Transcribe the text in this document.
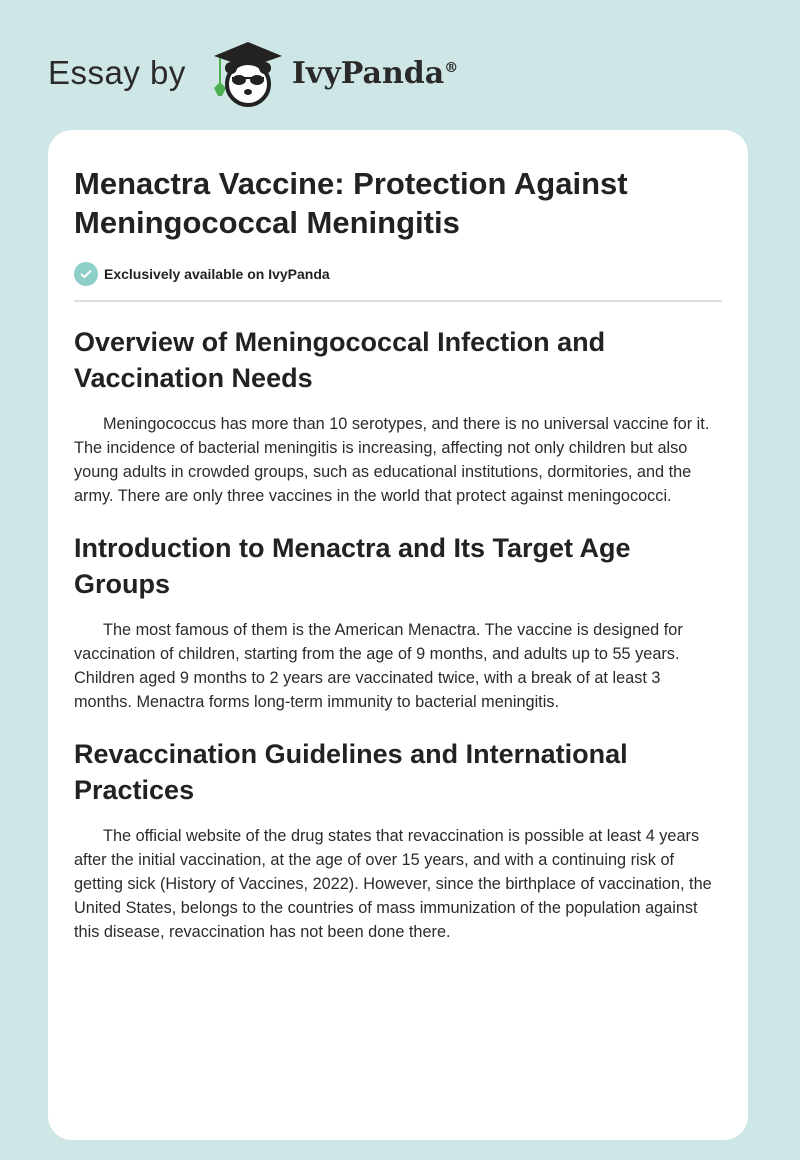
Essay by	IvyPanda®
Menactra Vaccine: Protection Against Meningococcal Meningitis
Exclusively available on IvyPanda
Overview of Meningococcal Infection and Vaccination Needs

Meningococcus has more than 10 serotypes, and there is no universal vaccine for it. The incidence of bacterial meningitis is increasing, affecting not only children but also young adults in crowded groups, such as educational institutions, dormitories, and the army. There are only three vaccines in the world that protect against meningococci.

Introduction to Menactra and Its Target Age Groups

The most famous of them is the American Menactra. The vaccine is designed for vaccination of children, starting from the age of 9 months, and adults up to 55 years. Children aged 9 months to 2 years are vaccinated twice, with a break of at least 3 months. Menactra forms long-term immunity to bacterial meningitis.

Revaccination Guidelines and International Practices

The official website of the drug states that revaccination is possible at least 4 years after the initial vaccination, at the age of over 15 years, and with a continuing risk of getting sick (History of Vaccines, 2022). However, since the birthplace of vaccination, the United States, belongs to the countries of mass immunization of the population against this disease, revaccination has not been done there.
